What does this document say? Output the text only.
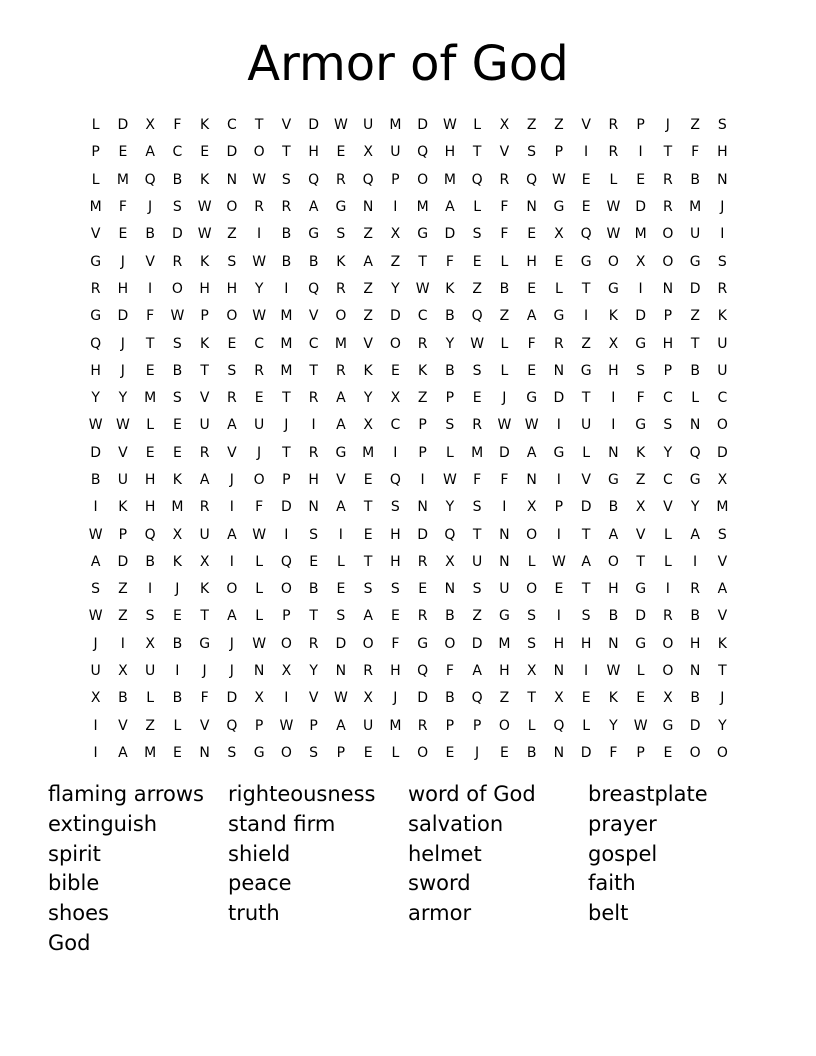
Armor of God
L	D	X	F	K	C	T	V	D	W	U	M	D	W	L	X	Z	Z	V	R	P	J	Z	S
P	E	A	C	E	D	O	T	H	E	X	U	Q	H	T	V	S	P	I	R	I	T	F	H
L	M	Q	B	K	N	W	S	Q	R	Q	P	O	M	Q	R	Q	W	E	L	E	R	B	N
M	F	J	S	W	O	R	R	A	G	N	I	M	A	L	F	N	G	E	W	D	R	M	J
V	E	B	D	W	Z	I	B	G	S	Z	X	G	D	S	F	E	X	Q	W	M	O	U	I
G	J	V	R	K	S	W	B	B	K	A	Z	T	F	E	L	H	E	G	O	X	O	G	S
R	H	I	O	H	H	Y	I	Q	R	Z	Y	W	K	Z	B	E	L	T	G	I	N	D	R
G	D	F	W	P	O	W	M	V	O	Z	D	C	B	Q	Z	A	G	I	K	D	P	Z	K
Q	J	T	S	K	E	C	M	C	M	V	O	R	Y	W	L	F	R	Z	X	G	H	T	U
H	J	E	B	T	S	R	M	T	R	K	E	K	B	S	L	E	N	G	H	S	P	B	U
Y	Y	M	S	V	R	E	T	R	A	Y	X	Z	P	E	J	G	D	T	I	F	C	L	C
W W	L	E	U	A	U	J	I	A	X	C	P	S	R	W W	I	U	I	G	S	N	O
D	V	E	E	R	V	J	T	R	G	M	I	P	L	M	D	A	G	L	N	K	Y	Q	D
B	U	H	K	A	J	O	P	H	V	E	Q	I	W	F	F	N	I	V	G	Z	C	G	X
I	K	H	M	R	I	F	D	N	A	T	S	N	Y	S	I	X	P	D	B	X	V	Y	M
W	P	Q	X	U	A	W	I	S	I	E	H	D	Q	T	N	O	I	T	A	V	L	A	S
A	D	B	K	X	I	L	Q	E	L	T	H	R	X	U	N	L	W	A	O	T	L	I	V
S	Z	I	J	K	O	L	O	B	E	S	S	E	N	S	U	O	E	T	H	G	I	R	A
W	Z	S	E	T	A	L	P	T	S	A	E	R	B	Z	G	S	I	S	B	D	R	B	V
J	I	X	B	G	J	W	O	R	D	O	F	G	O	D	M	S	H	H	N	G	O	H	K
U	X	U	I	J	J	N	X	Y	N	R	H	Q	F	A	H	X	N	I	W	L	O	N	T
X	B	L	B	F	D	X	I	V	W	X	J	D	B	Q	Z	T	X	E	K	E	X	B	J
I	V	Z	L	V	Q	P	W	P	A	U	M	R	P	P	O	L	Q	L	Y	W	G	D	Y
I	A	M	E	N	S	G	O	S	P	E	L	O	E	J	E	B	N	D	F	P	E	O	O
flaming arrows	righteousness	word of God	breastplate
extinguish	stand firm	salvation	prayer
spirit	shield	helmet	gospel
bible	peace	sword	faith
shoes	truth	armor	belt
God
